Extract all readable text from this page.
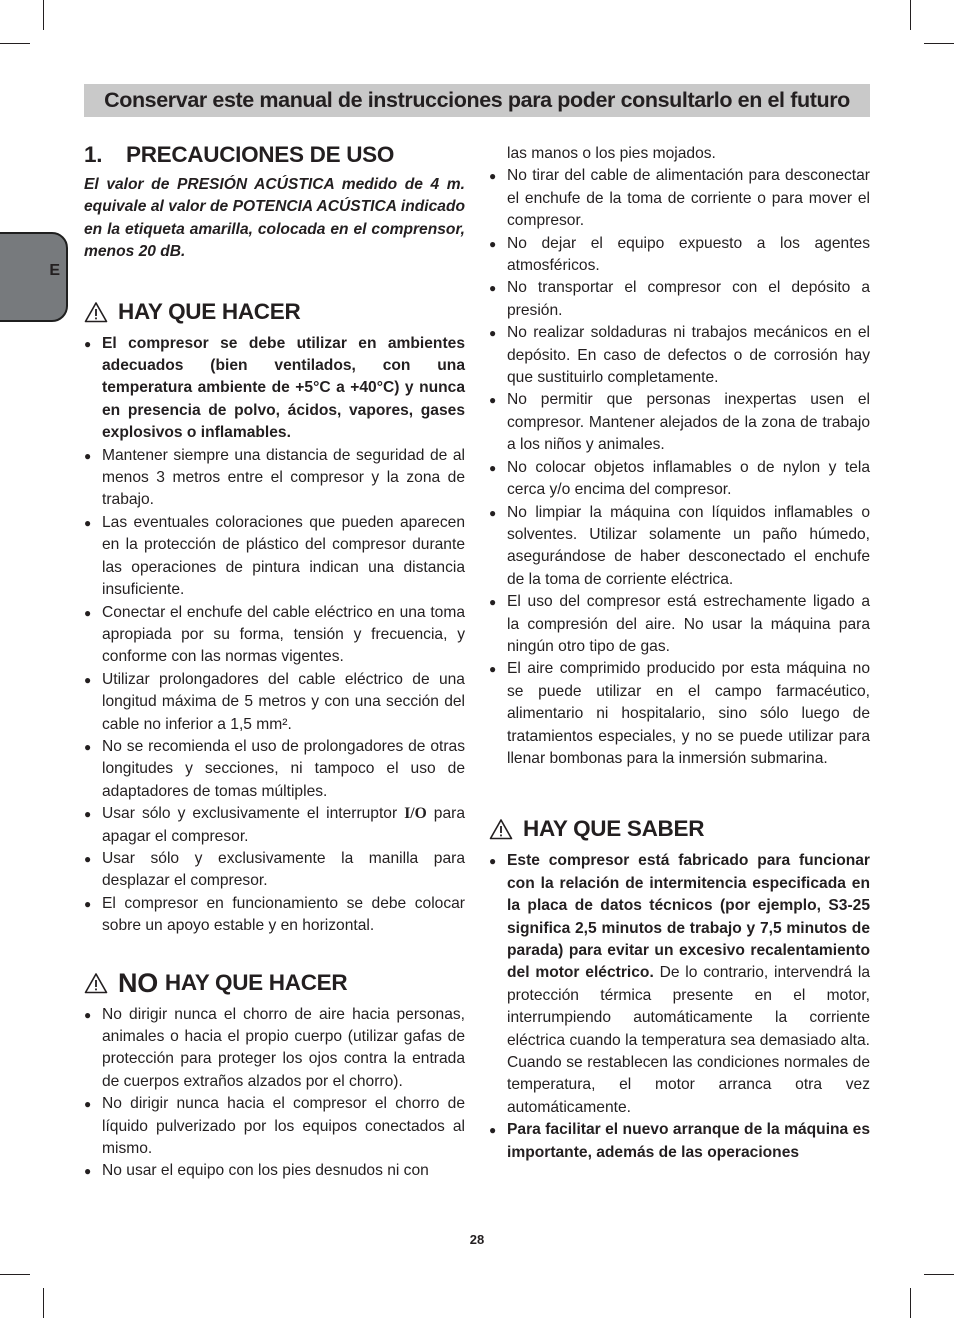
Conservar este manual de instrucciones para poder consultarlo en el futuro
E
1. PRECAUCIONES DE USO

El valor de PRESIÓN ACÚSTICA medido de 4 m. equivale al valor de POTENCIA ACÚSTICA indicado en la etiqueta amarilla, colocada en el comprensor, menos 20 dB.

HAY QUE HACER
● El compresor se debe utilizar en ambientes adecuados (bien ventilados, con una temperatura ambiente de +5°C a +40°C) y nunca en presencia de polvo, ácidos, vapores, gases explosivos o inflamables.
● Mantener siempre una distancia de seguridad de al menos 3 metros entre el compresor y la zona de trabajo.
● Las eventuales coloraciones que pueden aparecen en la protección de plástico del compresor durante las operaciones de pintura indican una distancia insuficiente.
● Conectar el enchufe del cable eléctrico en una toma apropiada por su forma, tensión y frecuencia, y conforme con las normas vigentes.
● Utilizar prolongadores del cable eléctrico de una longitud máxima de 5 metros y con una sección del cable no inferior a 1,5 mm².
● No se recomienda el uso de prolongadores de otras longitudes y secciones, ni tampoco el uso de adaptadores de tomas múltiples.
● Usar sólo y exclusivamente el interruptor I/O para apagar el compresor.
● Usar sólo y exclusivamente la manilla para desplazar el compresor.
● El compresor en funcionamiento se debe colocar sobre un apoyo estable y en horizontal.
NO HAY QUE HACER
● No dirigir nunca el chorro de aire hacia personas, animales o hacia el propio cuerpo (utilizar gafas de protección para proteger los ojos contra la entrada de cuerpos extraños alzados por el chorro).
● No dirigir nunca hacia el compresor el chorro de líquido pulverizado por los equipos conectados al mismo.
● No usar el equipo con los pies desnudos ni con
las manos o los pies mojados.
● No tirar del cable de alimentación para desconectar el enchufe de la toma de corriente o para mover el compresor.
● No dejar el equipo expuesto a los agentes atmosféricos.
● No transportar el compresor con el depósito a presión.
● No realizar soldaduras ni trabajos mecánicos en el depósito. En caso de defectos o de corrosión hay que sustituirlo completamente.
● No permitir que personas inexpertas usen el compresor. Mantener alejados de la zona de trabajo a los niños y animales.
● No colocar objetos inflamables o de nylon y tela cerca y/o encima del compresor.
● No limpiar la máquina con líquidos inflamables o solventes. Utilizar solamente un paño húmedo, asegurándose de haber desconectado el enchufe de la toma de corriente eléctrica.
● El uso del compresor está estrechamente ligado a la compresión del aire. No usar la máquina para ningún otro tipo de gas.
● El aire comprimido producido por esta máquina no se puede utilizar en el campo farmacéutico, alimentario ni hospitalario, sino sólo luego de tratamientos especiales, y no se puede utilizar para llenar bombonas para la inmersión submarina.
HAY QUE SABER
● Este compresor está fabricado para funcionar con la relación de intermitencia especificada en la placa de datos técnicos (por ejemplo, S3-25 significa 2,5 minutos de trabajo y 7,5 minutos de parada) para evitar un excesivo recalentamiento del motor eléctrico. De lo contrario, intervendrá la protección térmica presente en el motor, interrumpiendo automáticamente la corriente eléctrica cuando la temperatura sea demasiado alta. Cuando se restablecen las condiciones normales de temperatura, el motor arranca otra vez automáticamente.
● Para facilitar el nuevo arranque de la máquina es importante, además de las operaciones
28
